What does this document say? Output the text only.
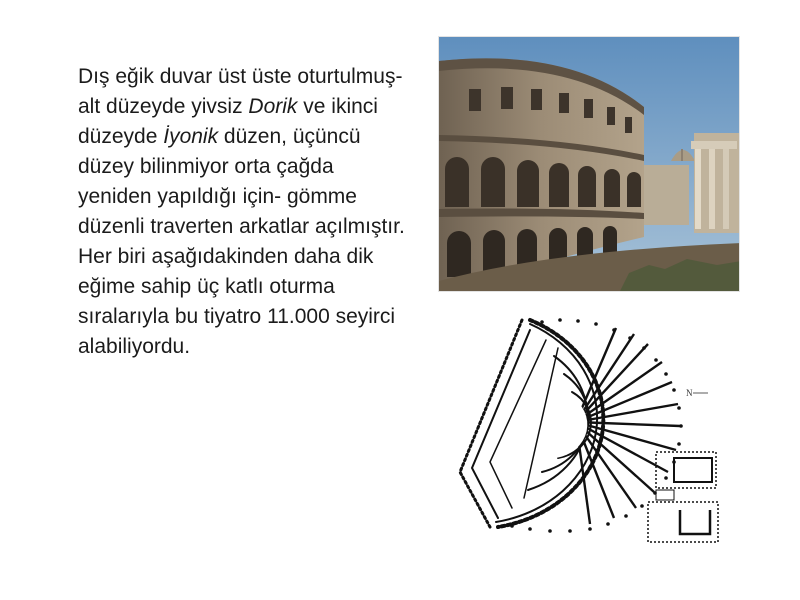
Dış eğik duvar üst üste oturtulmuş- alt düzeyde yivsiz Dorik ve ikinci düzeyde İyonik düzen, üçüncü düzey bilinmiyor orta çağda yeniden yapıldığı için- gömme düzenli traverten arkatlar açılmıştır. Her biri aşağıdakinden daha dik eğime sahip üç katlı oturma sıralarıyla bu tiyatro 11.000 seyirci alabiliyordu.

N
